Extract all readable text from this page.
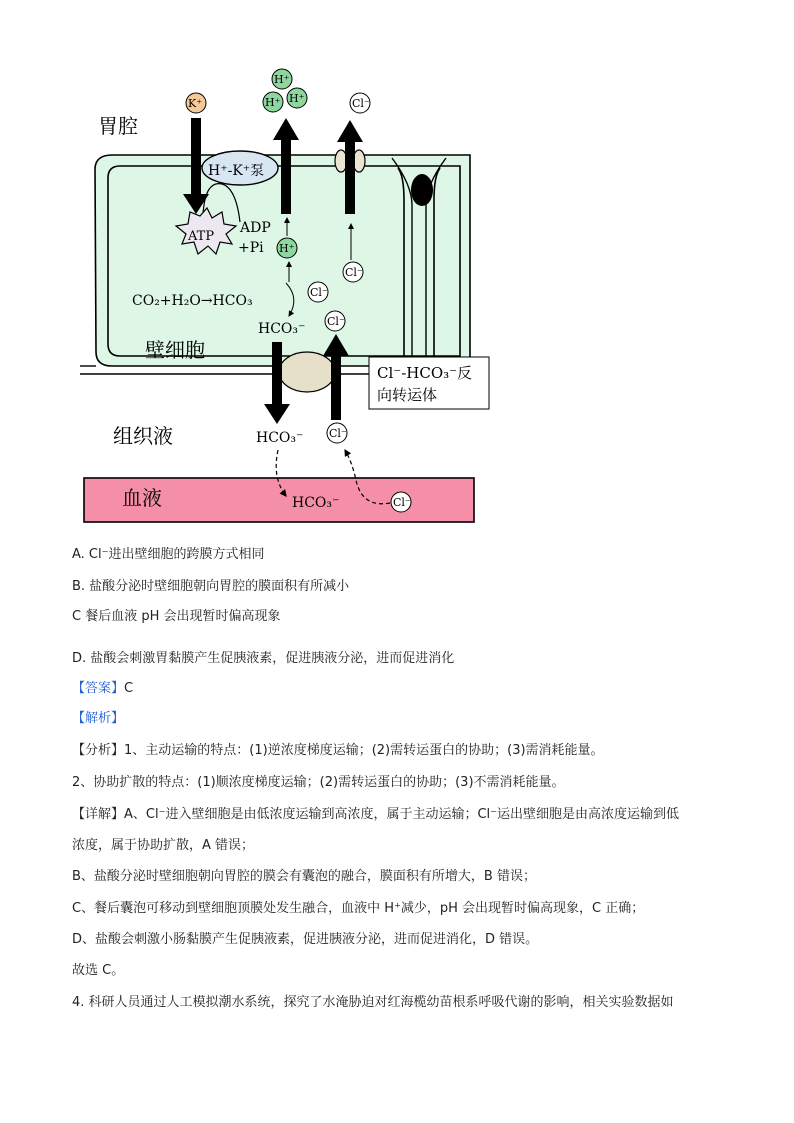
胃腔
壁细胞
组织液
血液
H⁺-K⁺泵
ATP
ADP
+Pi
K⁺
H⁺
H⁺ H⁺
H⁺
CO₂+H₂O→HCO₃
HCO₃⁻
Cl⁻
Cl⁻
Cl⁻
Cl⁻
Cl⁻-HCO₃⁻反
向转运体
HCO₃⁻ Cl⁻
HCO₃⁻	Cl⁻
A. Cl⁻进出壁细胞的跨膜方式相同
B. 盐酸分泌时壁细胞朝向胃腔的膜面积有所减小
C 餐后血液 pH 会出现暂时偏高现象
D. 盐酸会刺激胃黏膜产生促胰液素，促进胰液分泌，进而促进消化
【答案】C
【解析】
【分析】1、主动运输的特点：(1)逆浓度梯度运输；(2)需转运蛋白的协助；(3)需消耗能量。
2、协助扩散的特点：(1)顺浓度梯度运输；(2)需转运蛋白的协助；(3)不需消耗能量。
【详解】A、Cl⁻进入壁细胞是由低浓度运输到高浓度，属于主动运输；Cl⁻运出壁细胞是由高浓度运输到低
浓度，属于协助扩散，A 错误；
B、盐酸分泌时壁细胞朝向胃腔的膜会有囊泡的融合，膜面积有所增大，B 错误；
C、餐后囊泡可移动到壁细胞顶膜处发生融合，血液中 H⁺减少，pH 会出现暂时偏高现象，C 正确；
D、盐酸会刺激小肠黏膜产生促胰液素，促进胰液分泌，进而促进消化，D 错误。
故选 C。
4. 科研人员通过人工模拟潮水系统，探究了水淹胁迫对红海榄幼苗根系呼吸代谢的影响，相关实验数据如
